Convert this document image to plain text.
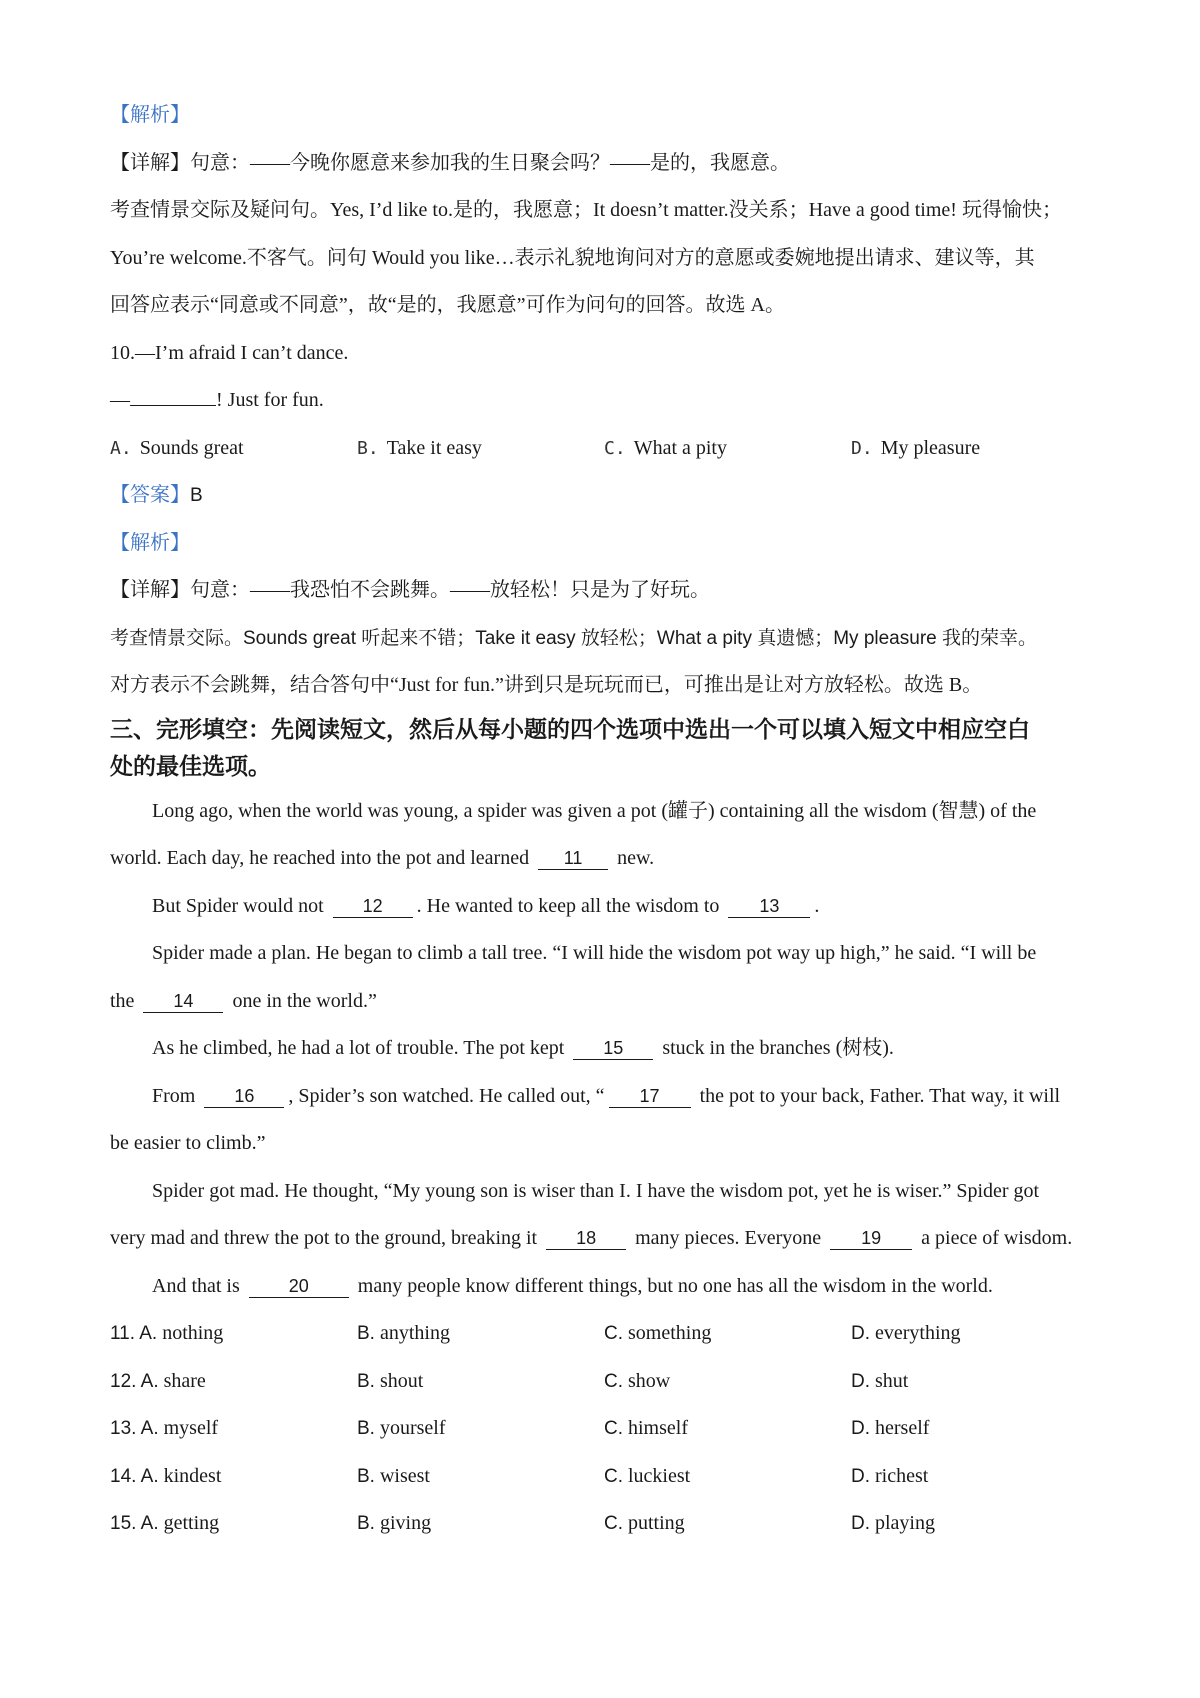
【解析】
【详解】句意：——今晚你愿意来参加我的生日聚会吗？——是的，我愿意。
考查情景交际及疑问句。Yes, I’d like to.是的，我愿意；It doesn’t matter.没关系；Have a good time! 玩得愉快；
You’re welcome.不客气。问句 Would you like…表示礼貌地询问对方的意愿或委婉地提出请求、建议等，其
回答应表示“同意或不同意”，故“是的，我愿意”可作为问句的回答。故选 A。
10.—I’m afraid I can’t dance.
—	! Just for fun.
A. Sounds great	B. Take it easy	C. What a pity	D. My pleasure
【答案】B
【解析】
【详解】句意：——我恐怕不会跳舞。——放轻松！只是为了好玩。
考查情景交际。Sounds great 听起来不错；Take it easy 放轻松；What a pity 真遗憾；My pleasure 我的荣幸。
对方表示不会跳舞，结合答句中“Just for fun.”讲到只是玩玩而已，可推出是让对方放轻松。故选 B。
三、完形填空：先阅读短文，然后从每小题的四个选项中选出一个可以填入短文中相应空白
处的最佳选项。
Long ago, when the world was young, a spider was given a pot (罐子) containing all the wisdom (智慧) of the
world. Each day, he reached into the pot and learned 11 new.
But Spider would not 12 . He wanted to keep all the wisdom to 13 .
Spider made a plan. He began to climb a tall tree. “I will hide the wisdom pot way up high,” he said. “I will be
the 14 one in the world.”
As he climbed, he had a lot of trouble. The pot kept 15 stuck in the branches (树枝).
From 16 , Spider’s son watched. He called out, “ 17 the pot to your back, Father. That way, it will
be easier to climb.”
Spider got mad. He thought, “My young son is wiser than I. I have the wisdom pot, yet he is wiser.” Spider got
very mad and threw the pot to the ground, breaking it 18 many pieces. Everyone 19 a piece of wisdom.
And that is	20 many people know different things, but no one has all the wisdom in the world.
11. A. nothing	B. anything	C. something	D. everything
12. A. share	B. shout	C. show	D. shut
13. A. myself	B. yourself	C. himself	D. herself
14. A. kindest	B. wisest	C. luckiest	D. richest
15. A. getting	B. giving	C. putting	D. playing
